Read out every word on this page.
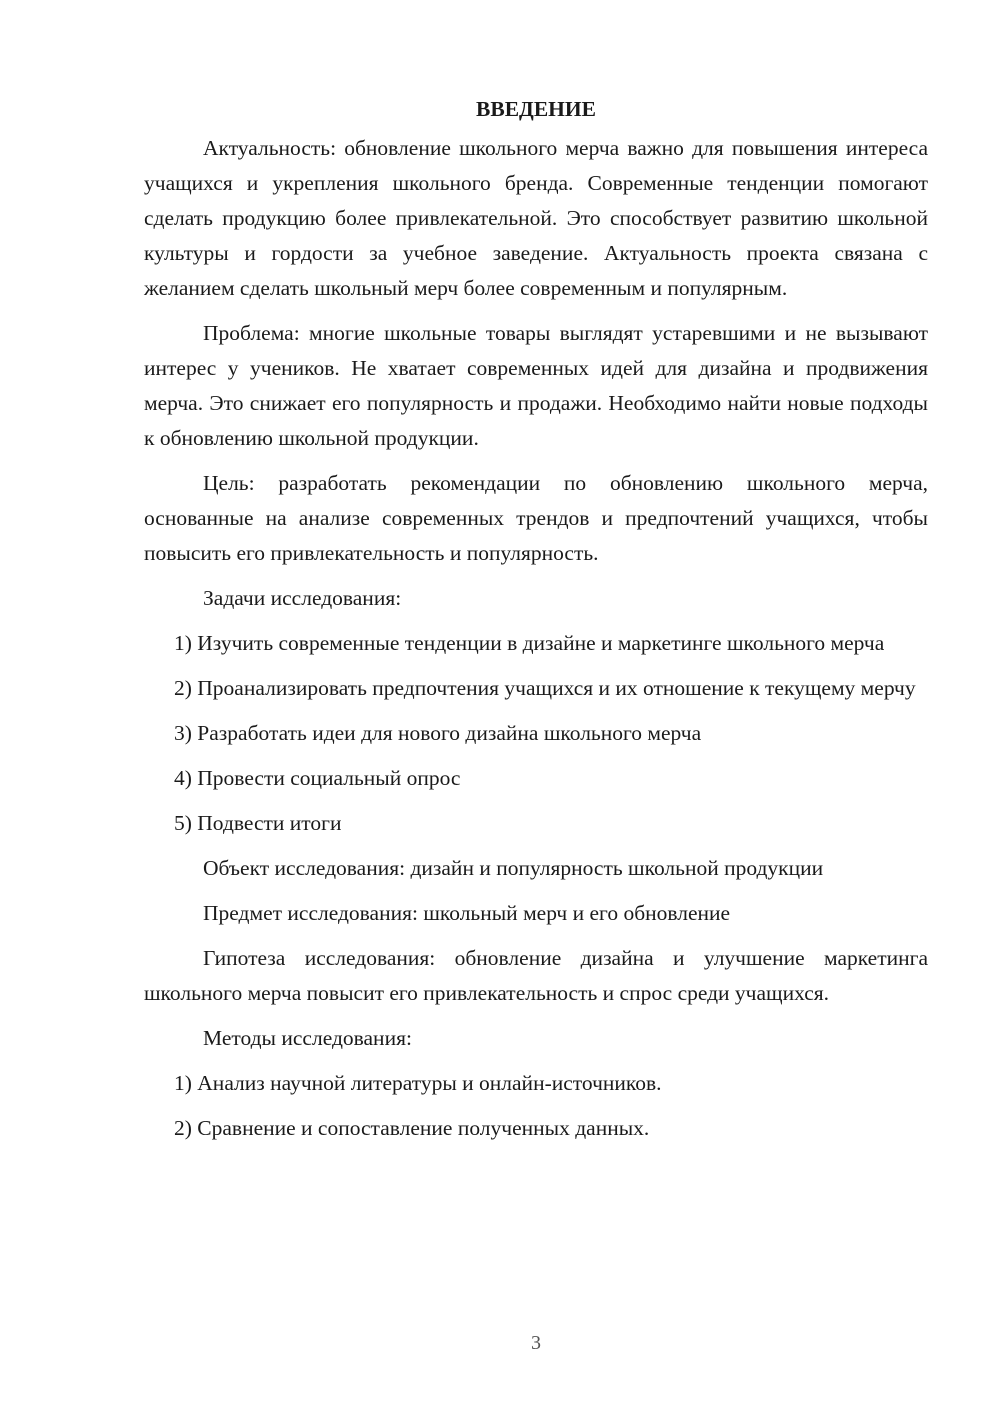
ВВЕДЕНИЕ
Актуальность: обновление школьного мерча важно для повышения интереса учащихся и укрепления школьного бренда. Современные тенденции помогают сделать продукцию более привлекательной. Это способствует развитию школьной культуры и гордости за учебное заведение. Актуальность проекта связана с желанием сделать школьный мерч более современным и популярным.
Проблема: многие школьные товары выглядят устаревшими и не вызывают интерес у учеников. Не хватает современных идей для дизайна и продвижения мерча. Это снижает его популярность и продажи. Необходимо найти новые подходы к обновлению школьной продукции.
Цель: разработать рекомендации по обновлению школьного мерча, основанные на анализе современных трендов и предпочтений учащихся, чтобы повысить его привлекательность и популярность.
Задачи исследования:
1) Изучить современные тенденции в дизайне и маркетинге школьного мерча
2) Проанализировать предпочтения учащихся и их отношение к текущему мерчу
3) Разработать идеи для нового дизайна школьного мерча
4) Провести социальный опрос
5) Подвести итоги
Объект исследования: дизайн и популярность школьной продукции
Предмет исследования: школьный мерч и его обновление
Гипотеза исследования: обновление дизайна и улучшение маркетинга школьного мерча повысит его привлекательность и спрос среди учащихся.
Методы исследования:
1) Анализ научной литературы и онлайн-источников.
2) Сравнение и сопоставление полученных данных.
3
